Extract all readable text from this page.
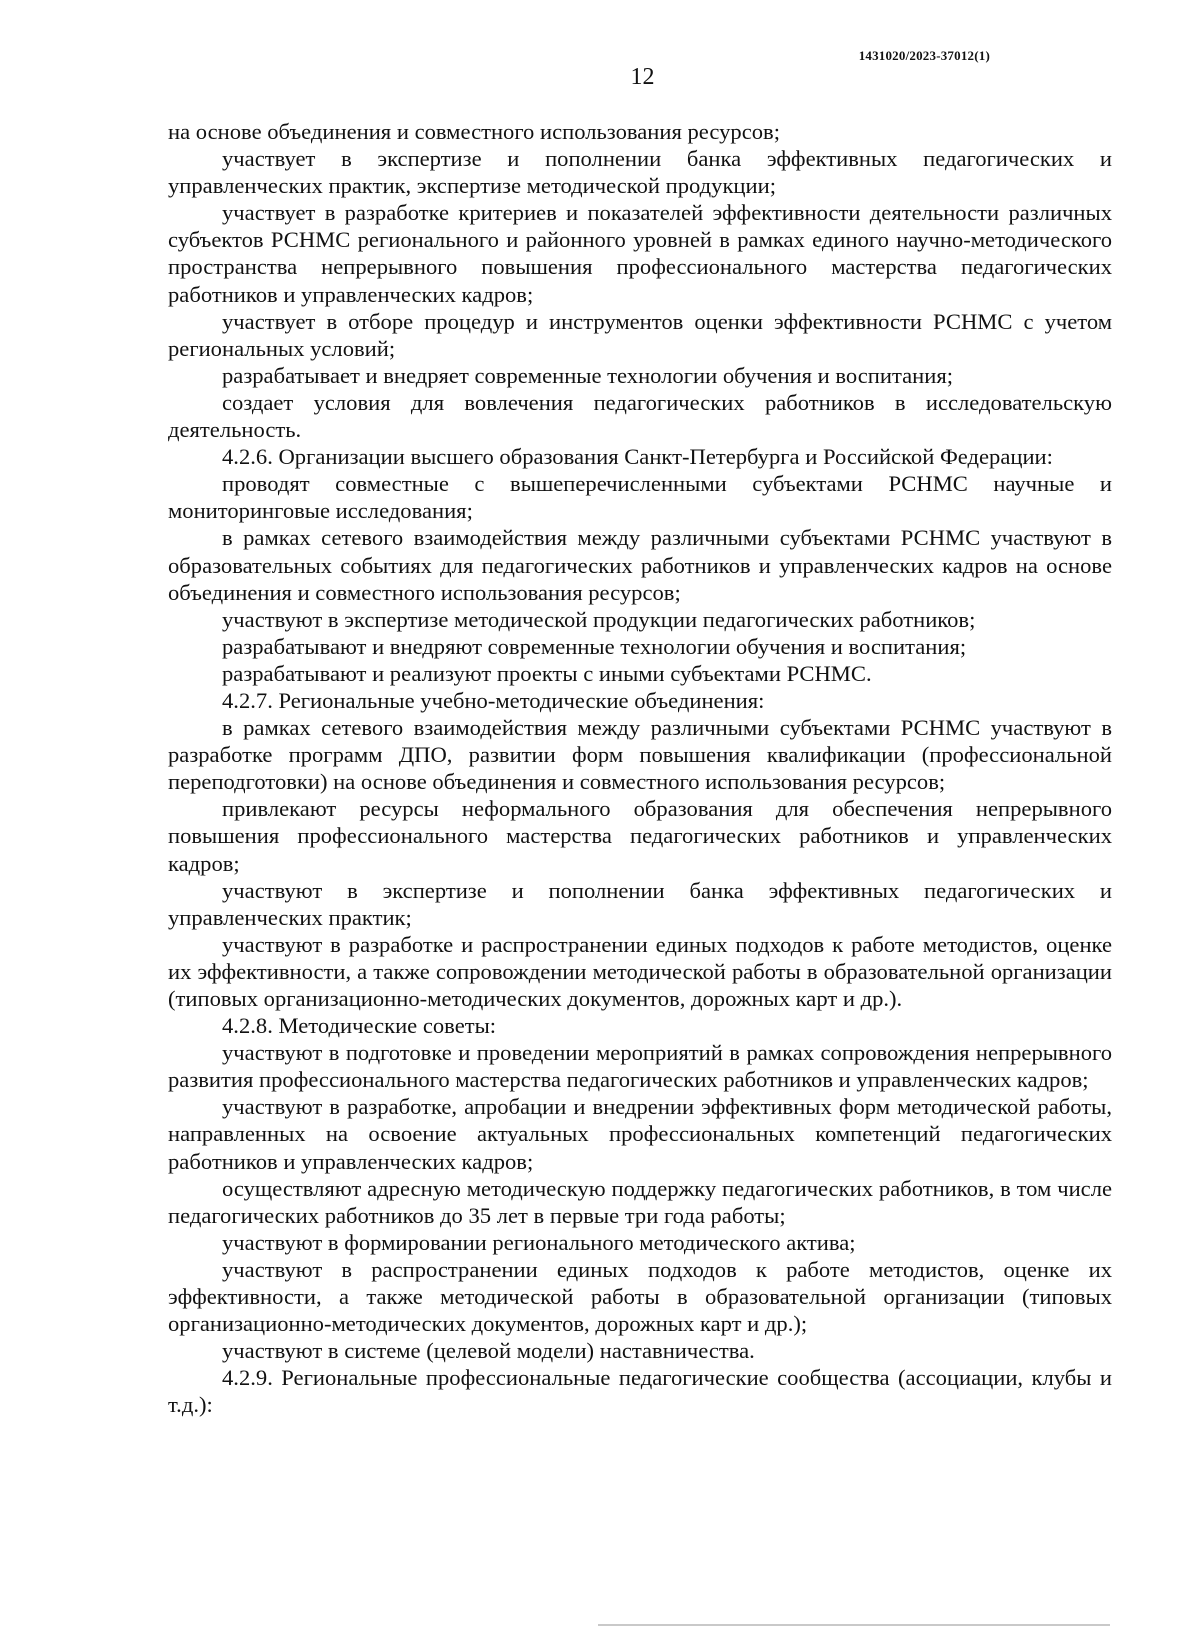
1431020/2023-37012(1)
12

на основе объединения и совместного использования ресурсов;

участвует в экспертизе и пополнении банка эффективных педагогических и управленческих практик, экспертизе методической продукции;

участвует в разработке критериев и показателей эффективности деятельности различных субъектов РСНМС регионального и районного уровней в рамках единого научно-методического пространства непрерывного повышения профессионального мастерства педагогических работников и управленческих кадров;

участвует в отборе процедур и инструментов оценки эффективности РСНМС с учетом региональных условий;

разрабатывает и внедряет современные технологии обучения и воспитания;

создает условия для вовлечения педагогических работников в исследовательскую деятельность.

4.2.6. Организации высшего образования Санкт-Петербурга и Российской Федерации:

проводят совместные с вышеперечисленными субъектами РСНМС научные и мониторинговые исследования;

в рамках сетевого взаимодействия между различными субъектами РСНМС участвуют в образовательных событиях для педагогических работников и управленческих кадров на основе объединения и совместного использования ресурсов;

участвуют в экспертизе методической продукции педагогических работников;

разрабатывают и внедряют современные технологии обучения и воспитания;

разрабатывают и реализуют проекты с иными субъектами РСНМС.

4.2.7. Региональные учебно-методические объединения:

в рамках сетевого взаимодействия между различными субъектами РСНМС участвуют в разработке программ ДПО, развитии форм повышения квалификации (профессиональной переподготовки) на основе объединения и совместного использования ресурсов;

привлекают ресурсы неформального образования для обеспечения непрерывного повышения профессионального мастерства педагогических работников и управленческих кадров;

участвуют в экспертизе и пополнении банка эффективных педагогических и управленческих практик;

участвуют в разработке и распространении единых подходов к работе методистов, оценке их эффективности, а также сопровождении методической работы в образовательной организации (типовых организационно-методических документов, дорожных карт и др.).

4.2.8. Методические советы:

участвуют в подготовке и проведении мероприятий в рамках сопровождения непрерывного развития профессионального мастерства педагогических работников и управленческих кадров;

участвуют в разработке, апробации и внедрении эффективных форм методической работы, направленных на освоение актуальных профессиональных компетенций педагогических работников и управленческих кадров;

осуществляют адресную методическую поддержку педагогических работников, в том числе педагогических работников до 35 лет в первые три года работы;

участвуют в формировании регионального методического актива;

участвуют в распространении единых подходов к работе методистов, оценке их эффективности, а также методической работы в образовательной организации (типовых организационно-методических документов, дорожных карт и др.);

участвуют в системе (целевой модели) наставничества.

4.2.9. Региональные профессиональные педагогические сообщества (ассоциации, клубы и т.д.):
